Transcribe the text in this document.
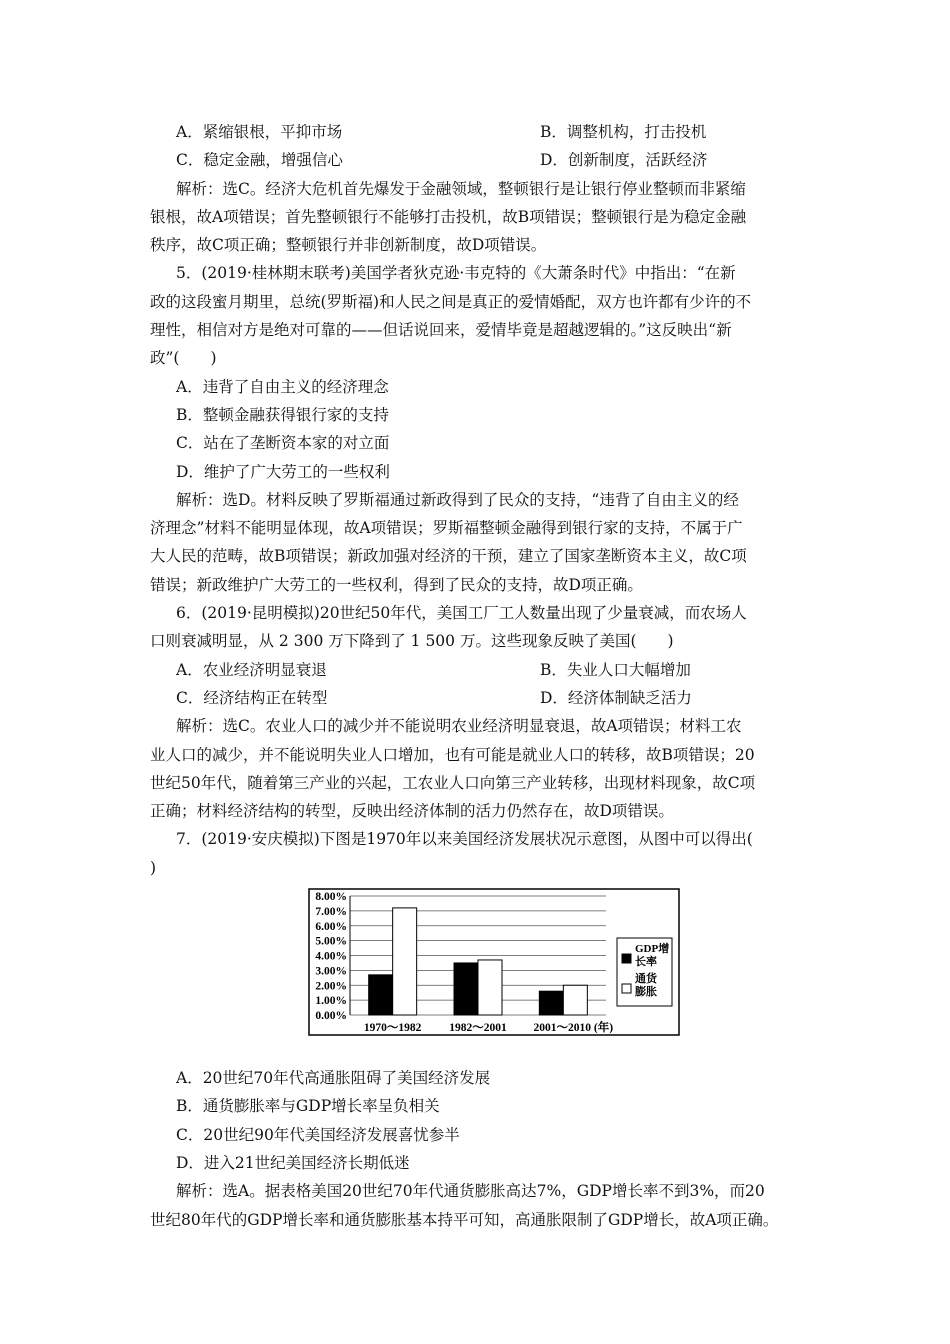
A．紧缩银根，平抑市场	B．调整机构，打击投机
C．稳定金融，增强信心	D．创新制度，活跃经济
解析：选C。经济大危机首先爆发于金融领域，整顿银行是让银行停业整顿而非紧缩
银根，故A项错误；首先整顿银行不能够打击投机，故B项错误；整顿银行是为稳定金融
秩序，故C项正确；整顿银行并非创新制度，故D项错误。
5．(2019·桂林期末联考)美国学者狄克逊·韦克特的《大萧条时代》中指出：“在新
政的这段蜜月期里，总统(罗斯福)和人民之间是真正的爱情婚配，双方也许都有少许的不
理性，相信对方是绝对可靠的——但话说回来，爱情毕竟是超越逻辑的。”这反映出“新
政”(　　)
A．违背了自由主义的经济理念
B．整顿金融获得银行家的支持
C．站在了垄断资本家的对立面
D．维护了广大劳工的一些权利
解析：选D。材料反映了罗斯福通过新政得到了民众的支持，“违背了自由主义的经
济理念”材料不能明显体现，故A项错误；罗斯福整顿金融得到银行家的支持，不属于广
大人民的范畴，故B项错误；新政加强对经济的干预，建立了国家垄断资本主义，故C项
错误；新政维护广大劳工的一些权利，得到了民众的支持，故D项正确。
6．(2019·昆明模拟)20世纪50年代，美国工厂工人数量出现了少量衰减，而农场人
口则衰减明显，从 2 300 万下降到了 1 500 万。这些现象反映了美国(　　)
A．农业经济明显衰退	B．失业人口大幅增加
C．经济结构正在转型	D．经济体制缺乏活力
解析：选C。农业人口的减少并不能说明农业经济明显衰退，故A项错误；材料工农
业人口的减少，并不能说明失业人口增加，也有可能是就业人口的转移，故B项错误；20
世纪50年代，随着第三产业的兴起，工农业人口向第三产业转移，出现材料现象，故C项
正确；材料经济结构的转型，反映出经济体制的活力仍然存在，故D项错误。
7．(2019·安庆模拟)下图是1970年以来美国经济发展状况示意图，从图中可以得出(
)
8.00%
7.00%
6.00%
5.00%
4.00%
3.00%
2.00%
1.00%
0.00%
1970～1982 1982～2001 2001～2010 (年)
GDP增
长率
通货
膨胀
A．20世纪70年代高通胀阻碍了美国经济发展
B．通货膨胀率与GDP增长率呈负相关
C．20世纪90年代美国经济发展喜忧参半
D．进入21世纪美国经济长期低迷
解析：选A。据表格美国20世纪70年代通货膨胀高达7%，GDP增长率不到3%，而20
世纪80年代的GDP增长率和通货膨胀基本持平可知，高通胀限制了GDP增长，故A项正确。
